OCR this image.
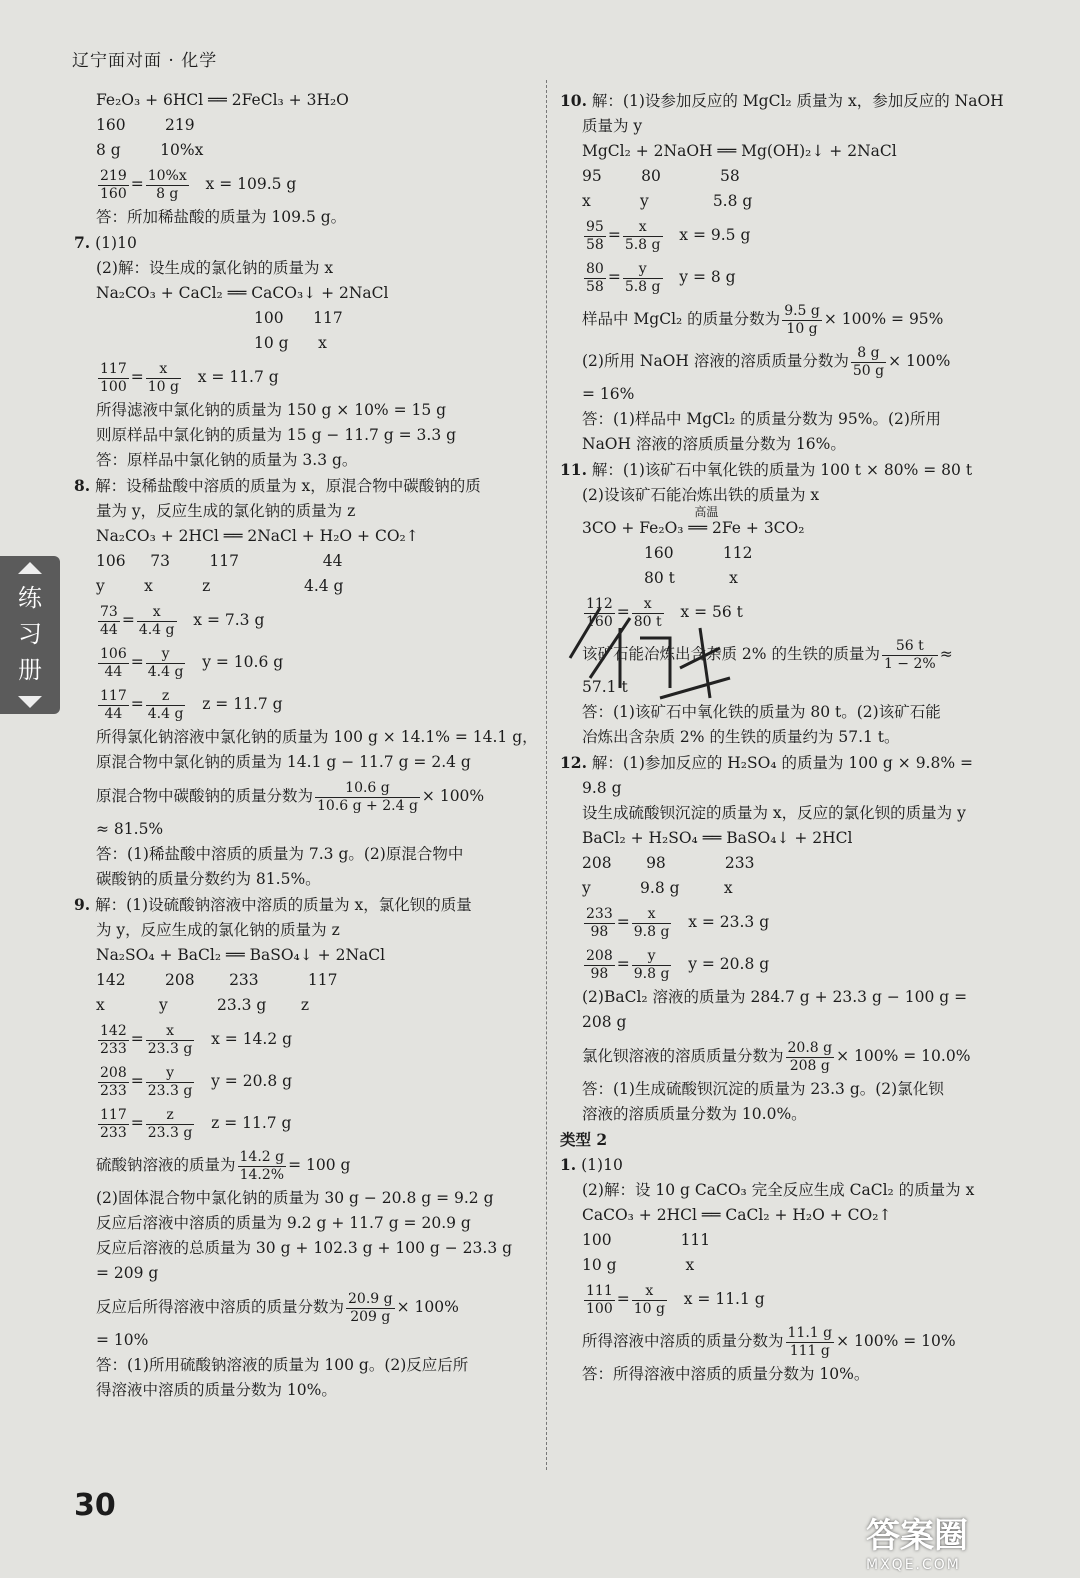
辽宁面对面 · 化学
Fe₂O₃ + 6HCl ══ 2FeCl₃ + 3H₂O
160        219
8 g        10%x
$\frac{219}{160} = \frac{10\%x}{8 g}$ x = 109.5 g
答：所加稀盐酸的质量为 109.5 g。
7. (1)10
(2)解：设生成的氯化钠的质量为 x
Na₂CO₃ + CaCl₂ ══ CaCO₃↓ + 2NaCl
100      117
10 g      x
$\frac{117}{100} = \frac{x}{10 g}$ x = 11.7 g
所得滤液中氯化钠的质量为 150 g × 10% = 15 g
则原样品中氯化钠的质量为 15 g − 11.7 g = 3.3 g
答：原样品中氯化钠的质量为 3.3 g。
8. 解：设稀盐酸中溶质的质量为 x，原混合物中碳酸钠的质
量为 y，反应生成的氯化钠的质量为 z
Na₂CO₃ + 2HCl ══ 2NaCl + H₂O + CO₂↑
106     73        117                 44
y        x          z                   4.4 g
$\frac{73}{44} = \frac{x}{4.4 g}$ x = 7.3 g
$\frac{106}{44} = \frac{y}{4.4 g}$ y = 10.6 g
$\frac{117}{44} = \frac{z}{4.4 g}$ z = 11.7 g
所得氯化钠溶液中氯化钠的质量为 100 g × 14.1% = 14.1 g，
原混合物中氯化钠的质量为 14.1 g − 11.7 g = 2.4 g
原混合物中碳酸钠的质量分数为 $\frac{10.6 g}{10.6 g + 2.4 g} \times 100\%$
≈ 81.5%
答：(1)稀盐酸中溶质的质量为 7.3 g。(2)原混合物中
碳酸钠的质量分数约为 81.5%。
9. 解：(1)设硫酸钠溶液中溶质的质量为 x，氯化钡的质量
为 y，反应生成的氯化钠的质量为 z
Na₂SO₄ + BaCl₂ ══ BaSO₄↓ + 2NaCl
142        208       233          117
x           y          23.3 g       z
$\frac{142}{233} = \frac{x}{23.3 g}$ x = 14.2 g
$\frac{208}{233} = \frac{y}{23.3 g}$ y = 20.8 g
$\frac{117}{233} = \frac{z}{23.3 g}$ z = 11.7 g
硫酸钠溶液的质量为 $\frac{14.2 g}{14.2\%} = 100$ g
(2)固体混合物中氯化钠的质量为 30 g − 20.8 g = 9.2 g
反应后溶液中溶质的质量为 9.2 g + 11.7 g = 20.9 g
反应后溶液的总质量为 30 g + 102.3 g + 100 g − 23.3 g
= 209 g
反应后所得溶液中溶质的质量分数为 $\frac{20.9 g}{209 g} \times 100\%$
= 10%
答：(1)所用硫酸钠溶液的质量为 100 g。(2)反应后所
得溶液中溶质的质量分数为 10%。
10. 解：(1)设参加反应的 MgCl₂ 质量为 x，参加反应的 NaOH
质量为 y
MgCl₂ + 2NaOH ══ Mg(OH)₂↓ + 2NaCl
95        80            58
x          y             5.8 g
$\frac{95}{58} = \frac{x}{5.8 g}$ x = 9.5 g
$\frac{80}{58} = \frac{y}{5.8 g}$ y = 8 g
样品中 MgCl₂ 的质量分数为 $\frac{9.5 g}{10 g} \times 100\% = 95\%$
(2)所用 NaOH 溶液的溶质质量分数为 $\frac{8 g}{50 g} \times 100\%$
= 16%
答：(1)样品中 MgCl₂ 的质量分数为 95%。(2)所用
NaOH 溶液的溶质质量分数为 16%。
11. 解：(1)该矿石中氧化铁的质量为 100 t × 80% = 80 t
(2)设该矿石能冶炼出铁的质量为 x
3CO + Fe₂O₃
高温
══ 2Fe + 3CO₂
160          112
80 t           x
$\frac{112}{160} = \frac{x}{80 t}$ x = 56 t
该矿石能冶炼出含杂质 2% 的生铁的质量为 $\frac{56 t}{1 - 2\%}$ ≈
57.1 t
答：(1)该矿石中氧化铁的质量为 80 t。(2)该矿石能
冶炼出含杂质 2% 的生铁的质量约为 57.1 t。
12. 解：(1)参加反应的 H₂SO₄ 的质量为 100 g × 9.8% =
9.8 g
设生成硫酸钡沉淀的质量为 x，反应的氯化钡的质量为 y
BaCl₂ + H₂SO₄ ══ BaSO₄↓ + 2HCl
208       98            233
y          9.8 g         x
$\frac{233}{98} = \frac{x}{9.8 g}$ x = 23.3 g
$\frac{208}{98} = \frac{y}{9.8 g}$ y = 20.8 g
(2)BaCl₂ 溶液的质量为 284.7 g + 23.3 g − 100 g =
208 g
氯化钡溶液的溶质质量分数为 $\frac{20.8 g}{208 g} \times 100\% = 10.0\%$
答：(1)生成硫酸钡沉淀的质量为 23.3 g。(2)氯化钡
溶液的溶质质量分数为 10.0%。
类型 2
1. (1)10
(2)解：设 10 g CaCO₃ 完全反应生成 CaCl₂ 的质量为 x
CaCO₃ + 2HCl ══ CaCl₂ + H₂O + CO₂↑
100              111
10 g              x
$\frac{111}{100} = \frac{x}{10 g}$ x = 11.1 g
所得溶液中溶质的质量分数为 $\frac{11.1 g}{111 g} \times 100\% = 10\%$
答：所得溶液中溶质的质量分数为 10%。
练习册
30
答案圈
MXQE.COM
